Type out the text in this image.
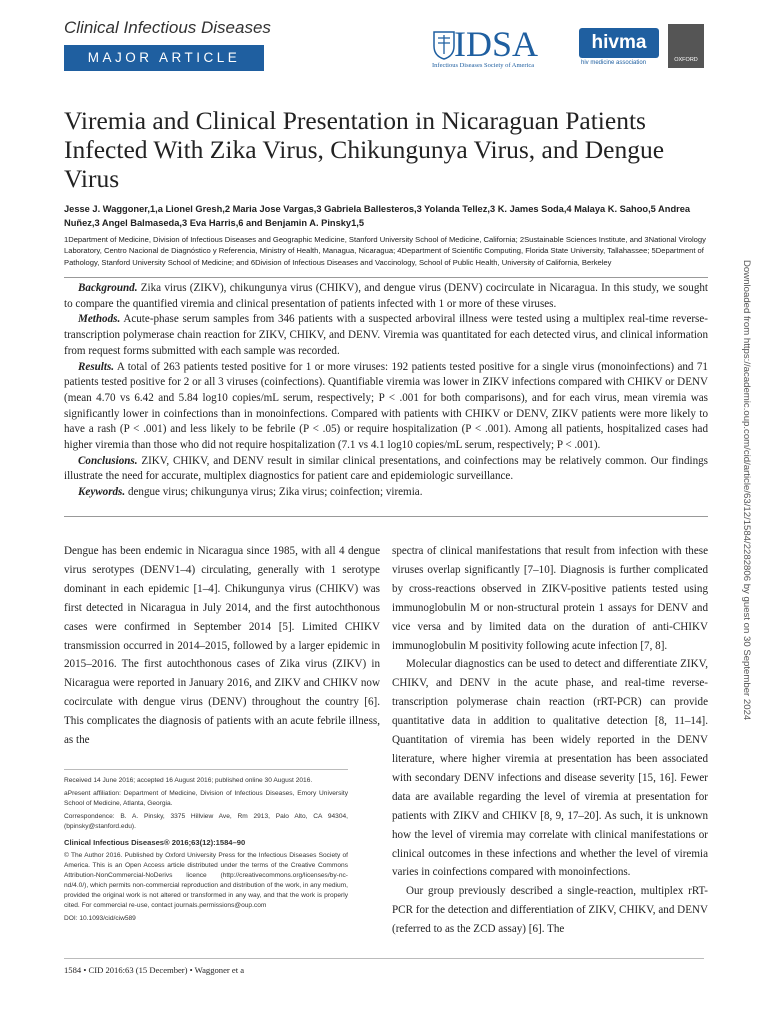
Clinical Infectious Diseases
MAJOR ARTICLE	IDSA
Infectious Diseases Society of America
hivma
hiv medicine association	OXFORD
Viremia and Clinical Presentation in Nicaraguan Patients Infected With Zika Virus, Chikungunya Virus, and Dengue Virus
Jesse J. Waggoner,1,a Lionel Gresh,2 Maria Jose Vargas,3 Gabriela Ballesteros,3 Yolanda Tellez,3 K. James Soda,4 Malaya K. Sahoo,5 Andrea Nuñez,3 Angel Balmaseda,3 Eva Harris,6 and Benjamin A. Pinsky1,5
1Department of Medicine, Division of Infectious Diseases and Geographic Medicine, Stanford University School of Medicine, California; 2Sustainable Sciences Institute, and 3National Virology Laboratory, Centro Nacional de Diagnóstico y Referencia, Ministry of Health, Managua, Nicaragua; 4Department of Scientific Computing, Florida State University, Tallahassee; 5Department of Pathology, Stanford University School of Medicine; and 6Division of Infectious Diseases and Vaccinology, School of Public Health, University of California, Berkeley

Background. Zika virus (ZIKV), chikungunya virus (CHIKV), and dengue virus (DENV) cocirculate in Nicaragua. In this study, we sought to compare the quantified viremia and clinical presentation of patients infected with 1 or more of these viruses.

Methods. Acute-phase serum samples from 346 patients with a suspected arboviral illness were tested using a multiplex real-time reverse-transcription polymerase chain reaction for ZIKV, CHIKV, and DENV. Viremia was quantitated for each detected virus, and clinical information from request forms submitted with each sample was recorded.

Results. A total of 263 patients tested positive for 1 or more viruses: 192 patients tested positive for a single virus (monoinfections) and 71 patients tested positive for 2 or all 3 viruses (coinfections). Quantifiable viremia was lower in ZIKV infections compared with CHIKV or DENV (mean 4.70 vs 6.42 and 5.84 log10 copies/mL serum, respectively; P < .001 for both comparisons), and for each virus, mean viremia was significantly lower in coinfections than in monoinfections. Compared with patients with CHIKV or DENV, ZIKV patients were more likely to have a rash (P < .001) and less likely to be febrile (P < .05) or require hospitalization (P < .001). Among all patients, hospitalized cases had higher viremia than those who did not require hospitalization (7.1 vs 4.1 log10 copies/mL serum, respectively; P < .001).

Conclusions. ZIKV, CHIKV, and DENV result in similar clinical presentations, and coinfections may be relatively common. Our findings illustrate the need for accurate, multiplex diagnostics for patient care and epidemiologic surveillance.

Keywords. dengue virus; chikungunya virus; Zika virus; coinfection; viremia.

Dengue has been endemic in Nicaragua since 1985, with all 4 dengue virus serotypes (DENV1–4) circulating, generally with 1 serotype dominant in each epidemic [1–4]. Chikungunya virus (CHIKV) was first detected in Nicaragua in July 2014, and the first autochthonous cases were confirmed in September 2014 [5]. Limited CHIKV transmission occurred in 2014–2015, followed by a larger epidemic in 2015–2016. The first autochthonous cases of Zika virus (ZIKV) in Nicaragua were reported in January 2016, and ZIKV and CHIKV now cocirculate with dengue virus (DENV) throughout the country [6]. This complicates the diagnosis of patients with an acute febrile illness, as the

spectra of clinical manifestations that result from infection with these viruses overlap significantly [7–10]. Diagnosis is further complicated by cross-reactions observed in ZIKV-positive patients tested using immunoglobulin M or non-structural protein 1 assays for DENV and vice versa and by limited data on the duration of anti-CHIKV immunoglobulin M positivity following acute infection [7, 8].

Molecular diagnostics can be used to detect and differentiate ZIKV, CHIKV, and DENV in the acute phase, and real-time reverse-transcription polymerase chain reaction (rRT-PCR) can provide quantitative data in addition to qualitative detection [8, 11–14]. Quantitation of viremia has been widely reported in the DENV literature, where higher viremia at presentation has been associated with secondary DENV infections and disease severity [15, 16]. Fewer data are available regarding the level of viremia at presentation for patients with ZIKV and CHIKV [8, 9, 17–20]. As such, it is unknown how the level of viremia may correlate with clinical manifestations or clinical outcomes in these infections and whether the level of viremia varies in coinfections compared with monoinfections.

Our group previously described a single-reaction, multiplex rRT-PCR for the detection and differentiation of ZIKV, CHIKV, and DENV (referred to as the ZCD assay) [6]. The

Received 14 June 2016; accepted 16 August 2016; published online 30 August 2016.

aPresent affiliation: Department of Medicine, Division of Infectious Diseases, Emory University School of Medicine, Atlanta, Georgia.

Correspondence: B. A. Pinsky, 3375 Hillview Ave, Rm 2913, Palo Alto, CA 94304, (bpinsky@stanford.edu).

Clinical Infectious Diseases® 2016;63(12):1584–90

© The Author 2016. Published by Oxford University Press for the Infectious Diseases Society of America. This is an Open Access article distributed under the terms of the Creative Commons Attribution-NonCommercial-NoDerivs licence (http://creativecommons.org/licenses/by-nc-nd/4.0/), which permits non-commercial reproduction and distribution of the work, in any medium, provided the original work is not altered or transformed in any way, and that the work is properly cited. For commercial re-use, contact journals.permissions@oup.com

DOI: 10.1093/cid/ciw589

1584 • CID 2016:63 (15 December) • Waggoner et a
Downloaded from https://academic.oup.com/cid/article/63/12/1584/2282806 by guest on 30 September 2024
